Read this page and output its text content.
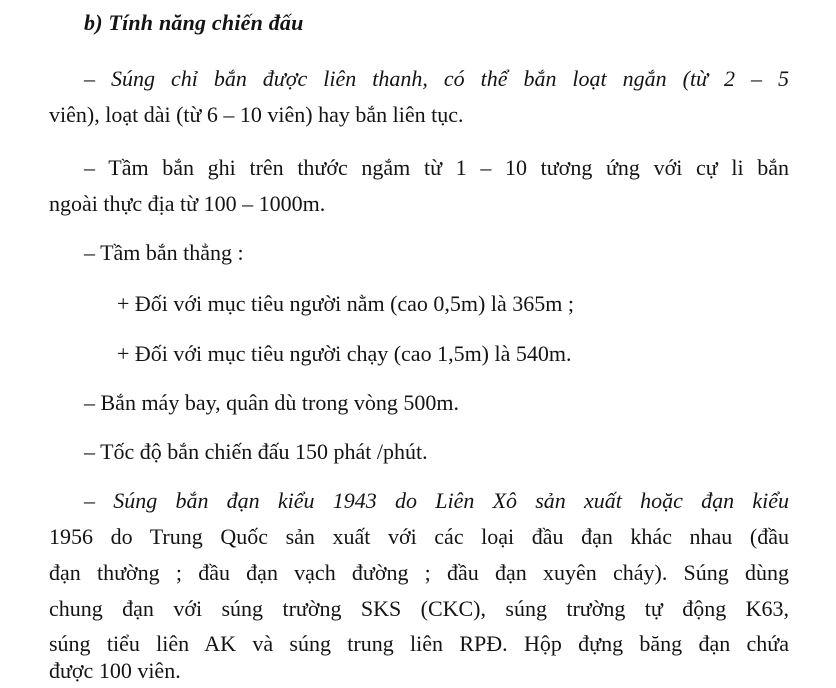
b) Tính năng chiến đấu
– Súng chỉ bắn được liên thanh, có thể bắn loạt ngắn (từ 2 – 5
viên), loạt dài (từ 6 – 10 viên) hay bắn liên tục.
– Tầm bắn ghi trên thước ngắm từ 1 – 10 tương ứng với cự li bắn
ngoài thực địa từ 100 – 1000m.
– Tầm bắn thẳng :
+ Đối với mục tiêu người nằm (cao 0,5m) là 365m ;
+ Đối với mục tiêu người chạy (cao 1,5m) là 540m.
– Bắn máy bay, quân dù trong vòng 500m.
– Tốc độ bắn chiến đấu 150 phát /phút.
– Súng bắn đạn kiểu 1943 do Liên Xô sản xuất hoặc đạn kiểu
1956 do Trung Quốc sản xuất với các loại đầu đạn khác nhau (đầu
đạn thường ; đầu đạn vạch đường ; đầu đạn xuyên cháy). Súng dùng
chung đạn với súng trường SKS (CKC), súng trường tự động K63,
súng tiểu liên AK và súng trung liên RPĐ. Hộp đựng băng đạn chứa
được 100 viên.
